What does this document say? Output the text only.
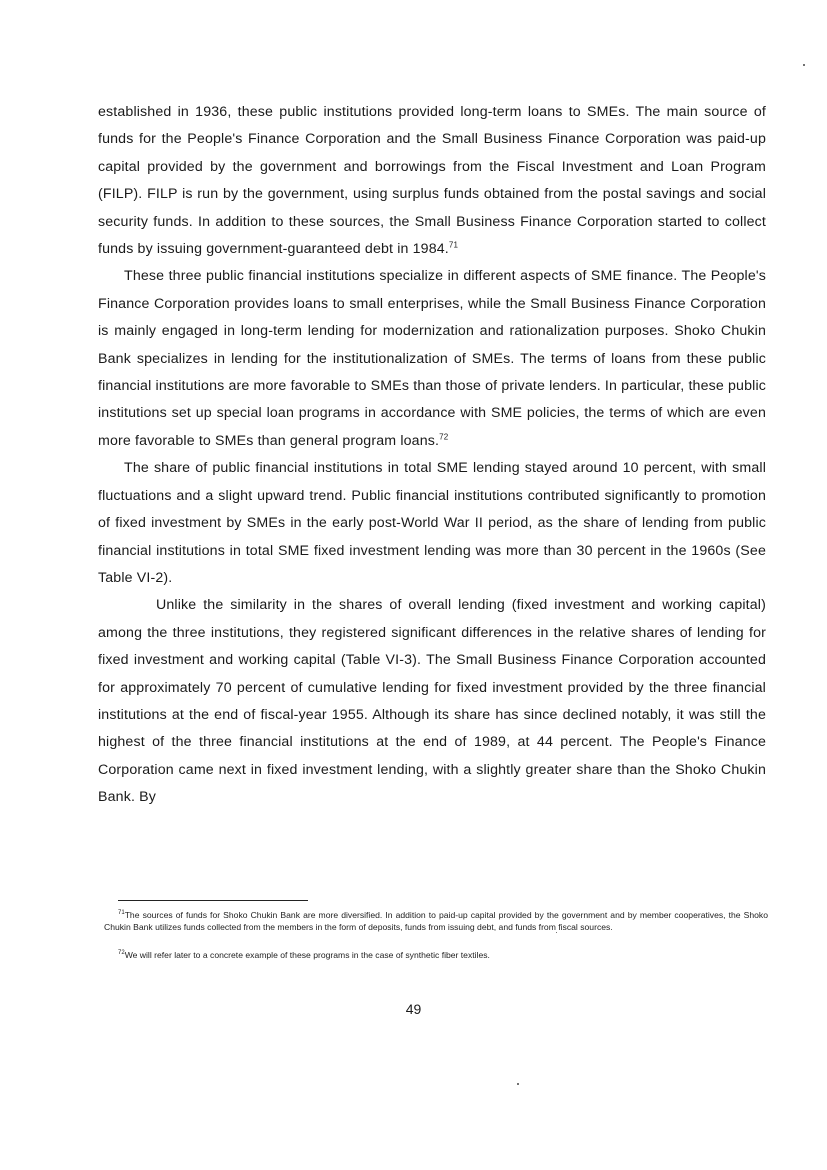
established in 1936, these public institutions provided long-term loans to SMEs. The main source of funds for the People's Finance Corporation and the Small Business Finance Corporation was paid-up capital provided by the government and borrowings from the Fiscal Investment and Loan Program (FILP). FILP is run by the government, using surplus funds obtained from the postal savings and social security funds. In addition to these sources, the Small Business Finance Corporation started to collect funds by issuing government-guaranteed debt in 1984.71

These three public financial institutions specialize in different aspects of SME finance. The People's Finance Corporation provides loans to small enterprises, while the Small Business Finance Corporation is mainly engaged in long-term lending for modernization and rationalization purposes. Shoko Chukin Bank specializes in lending for the institutionalization of SMEs. The terms of loans from these public financial institutions are more favorable to SMEs than those of private lenders. In particular, these public institutions set up special loan programs in accordance with SME policies, the terms of which are even more favorable to SMEs than general program loans.$^{72}$

The share of public financial institutions in total SME lending stayed around 10 percent, with small fluctuations and a slight upward trend. Public financial institutions contributed significantly to promotion of fixed investment by SMEs in the early post-World War II period, as the share of lending from public financial institutions in total SME fixed investment lending was more than 30 percent in the 1960s (See Table VI-2).

Unlike the similarity in the shares of overall lending (fixed investment and working capital) among the three institutions, they registered significant differences in the relative shares of lending for fixed investment and working capital (Table VI-3). The Small Business Finance Corporation accounted for approximately 70 percent of cumulative lending for fixed investment provided by the three financial institutions at the end of fiscal-year 1955. Although its share has since declined notably, it was still the highest of the three financial institutions at the end of 1989, at 44 percent. The People's Finance Corporation came next in fixed investment lending, with a slightly greater share than the Shoko Chukin Bank. By

$^{71}$The sources of funds for Shoko Chukin Bank are more diversified. In addition to paid-up capital provided by the government and by member cooperatives, the Shoko Chukin Bank utilizes funds collected from the members in the form of deposits, funds from issuing debt, and funds from fiscal sources.

$^{72}$We will refer later to a concrete example of these programs in the case of synthetic fiber textiles.

49
